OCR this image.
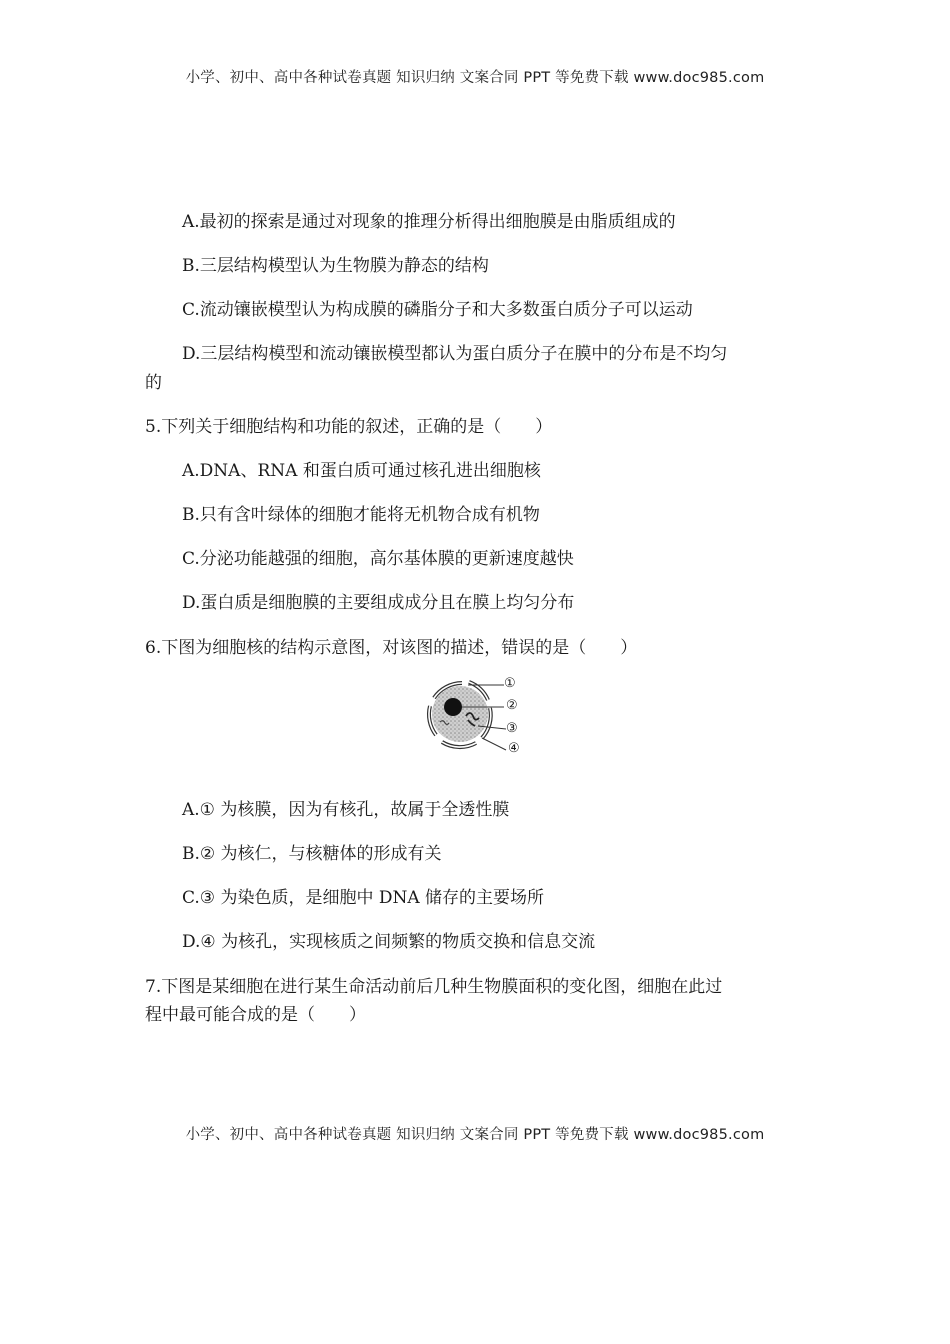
小学、初中、高中各种试卷真题 知识归纳 文案合同 PPT 等免费下载 www.doc985.com
A.最初的探索是通过对现象的推理分析得出细胞膜是由脂质组成的
B.三层结构模型认为生物膜为静态的结构
C.流动镶嵌模型认为构成膜的磷脂分子和大多数蛋白质分子可以运动
D.三层结构模型和流动镶嵌模型都认为蛋白质分子在膜中的分布是不均匀
的
5.下列关于细胞结构和功能的叙述，正确的是（　　）
A.DNA、RNA 和蛋白质可通过核孔进出细胞核
B.只有含叶绿体的细胞才能将无机物合成有机物
C.分泌功能越强的细胞，高尔基体膜的更新速度越快
D.蛋白质是细胞膜的主要组成成分且在膜上均匀分布
6.下图为细胞核的结构示意图，对该图的描述，错误的是（　　）
①
②
③
④
A.① 为核膜，因为有核孔，故属于全透性膜
B.② 为核仁，与核糖体的形成有关
C.③ 为染色质，是细胞中 DNA 储存的主要场所
D.④ 为核孔，实现核质之间频繁的物质交换和信息交流
7.下图是某细胞在进行某生命活动前后几种生物膜面积的变化图，细胞在此过
程中最可能合成的是（　　）
小学、初中、高中各种试卷真题 知识归纳 文案合同 PPT 等免费下载 www.doc985.com
